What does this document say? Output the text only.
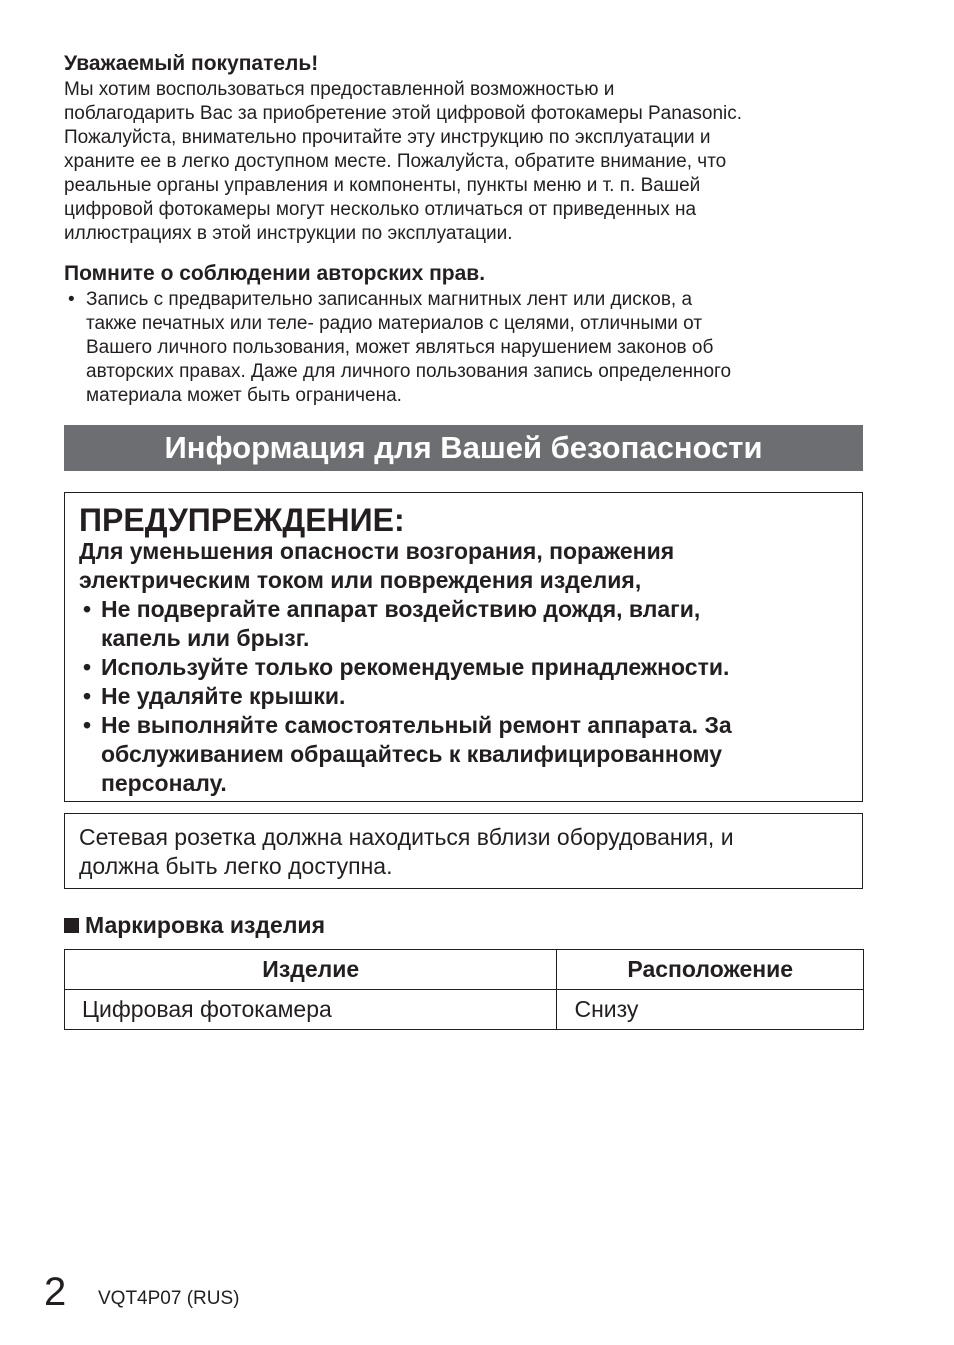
Уважаемый покупатель!
Мы хотим воспользоваться предоставленной возможностью и
поблагодарить Вас за приобретение этой цифровой фотокамеры Panasonic.
Пожалуйста, внимательно прочитайте эту инструкцию по эксплуатации и
храните ее в легко доступном месте. Пожалуйста, обратите внимание, что
реальные органы управления и компоненты, пункты меню и т. п. Вашей
цифровой фотокамеры могут несколько отличаться от приведенных на
иллюстрациях в этой инструкции по эксплуатации.
Помните о соблюдении авторских прав.
• Запись с предварительно записанных магнитных лент или дисков, а
также печатных или теле- радио материалов с целями, отличными от
Вашего личного пользования, может являться нарушением законов об
авторских правах. Даже для личного пользования запись определенного
материала может быть ограничена.
Информация для Вашей безопасности
ПРЕДУПРЕЖДЕНИЕ:
Для уменьшения опасности возгорания, поражения
электрическим током или повреждения изделия,
• Не подвергайте аппарат воздействию дождя, влаги,
капель или брызг.
• Используйте только рекомендуемые принадлежности.
• Не удаляйте крышки.
• Не выполняйте самостоятельный ремонт аппарата. За
обслуживанием обращайтесь к квалифицированному
персоналу.
Сетевая розетка должна находиться вблизи оборудования, и
должна быть легко доступна.
Маркировка изделия
Изделие	Расположение
Цифровая фотокамера	Снизу
2 VQT4P07 (RUS)
